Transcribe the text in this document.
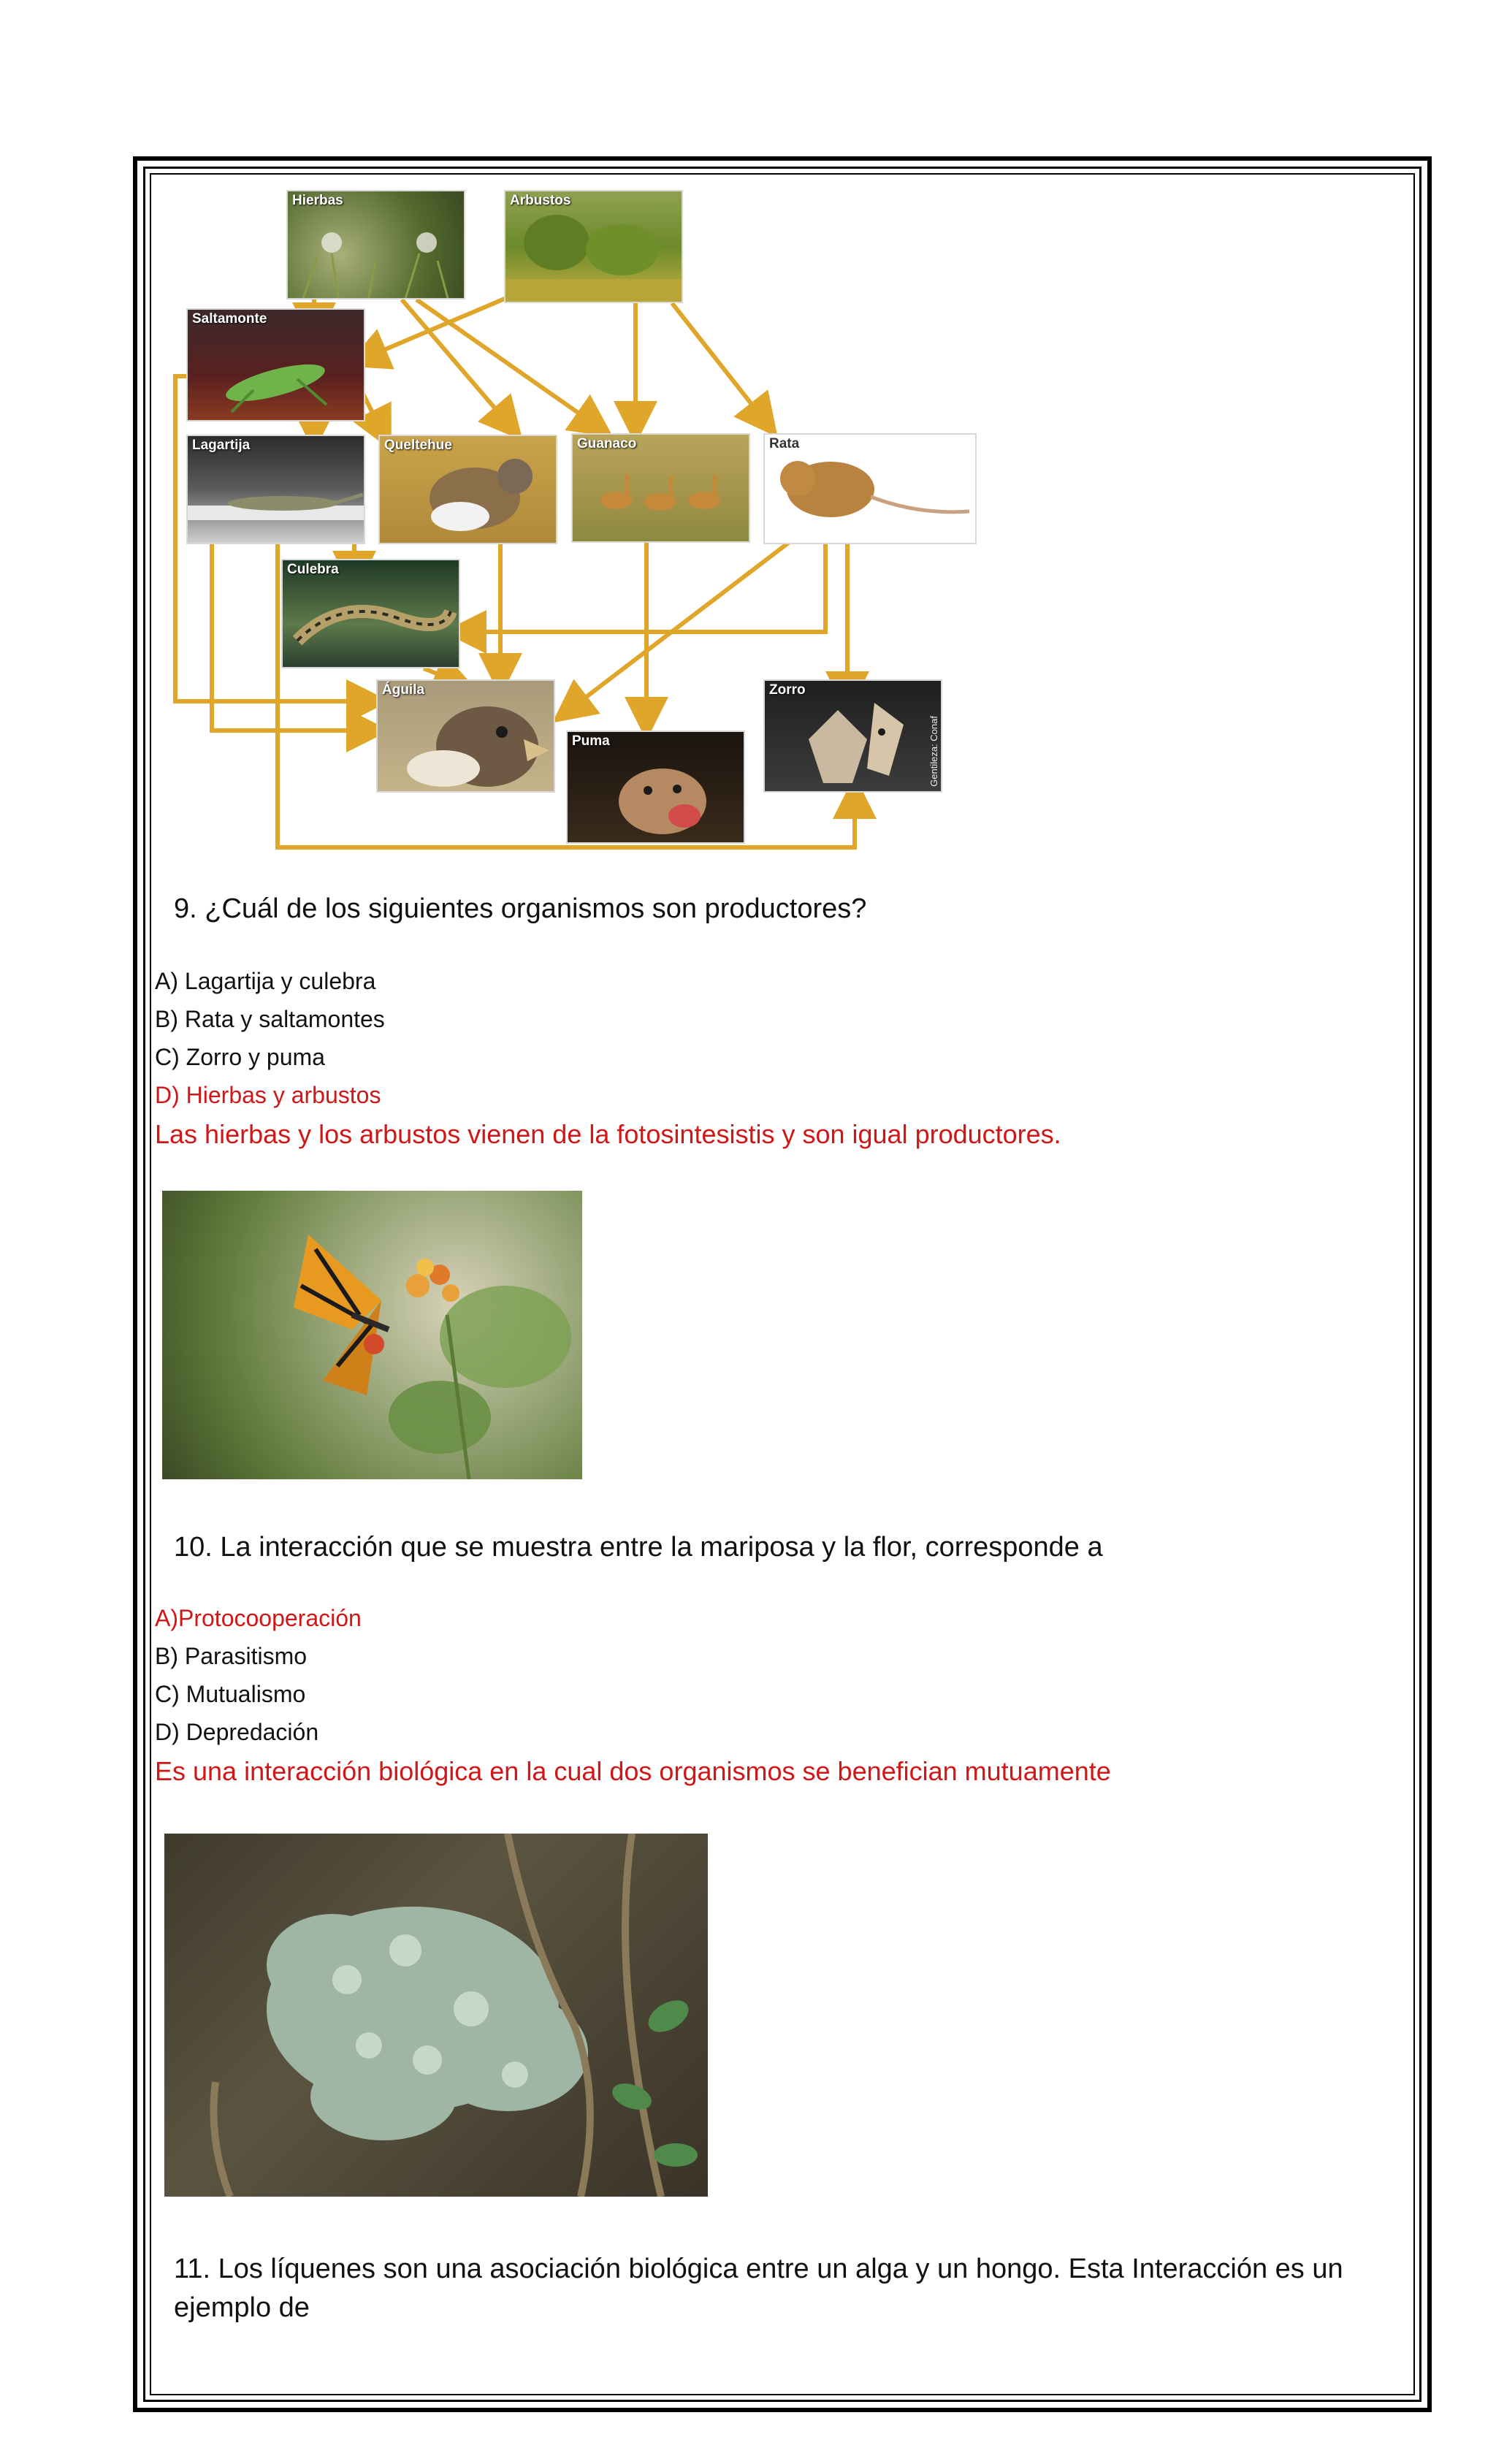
Hierbas	Arbustos
Saltamonte
Lagartija	Queltehue	Guanaco	Rata
Culebra
Águila
Puma
Zorro
Gentileza: Conaf
9. ¿Cuál de los siguientes organismos son productores?
A) Lagartija y culebra
B) Rata y saltamontes
C) Zorro y puma
D) Hierbas y arbustos
Las hierbas y los arbustos vienen de la fotosintesistis y son igual productores.
10. La interacción que se muestra entre la mariposa y la flor, corresponde a
A)Protocooperación
B) Parasitismo
C) Mutualismo
D) Depredación
Es una interacción biológica en la cual dos organismos se benefician mutuamente
11. Los líquenes son una asociación biológica entre un alga y un hongo. Esta Interacción es un
ejemplo de
